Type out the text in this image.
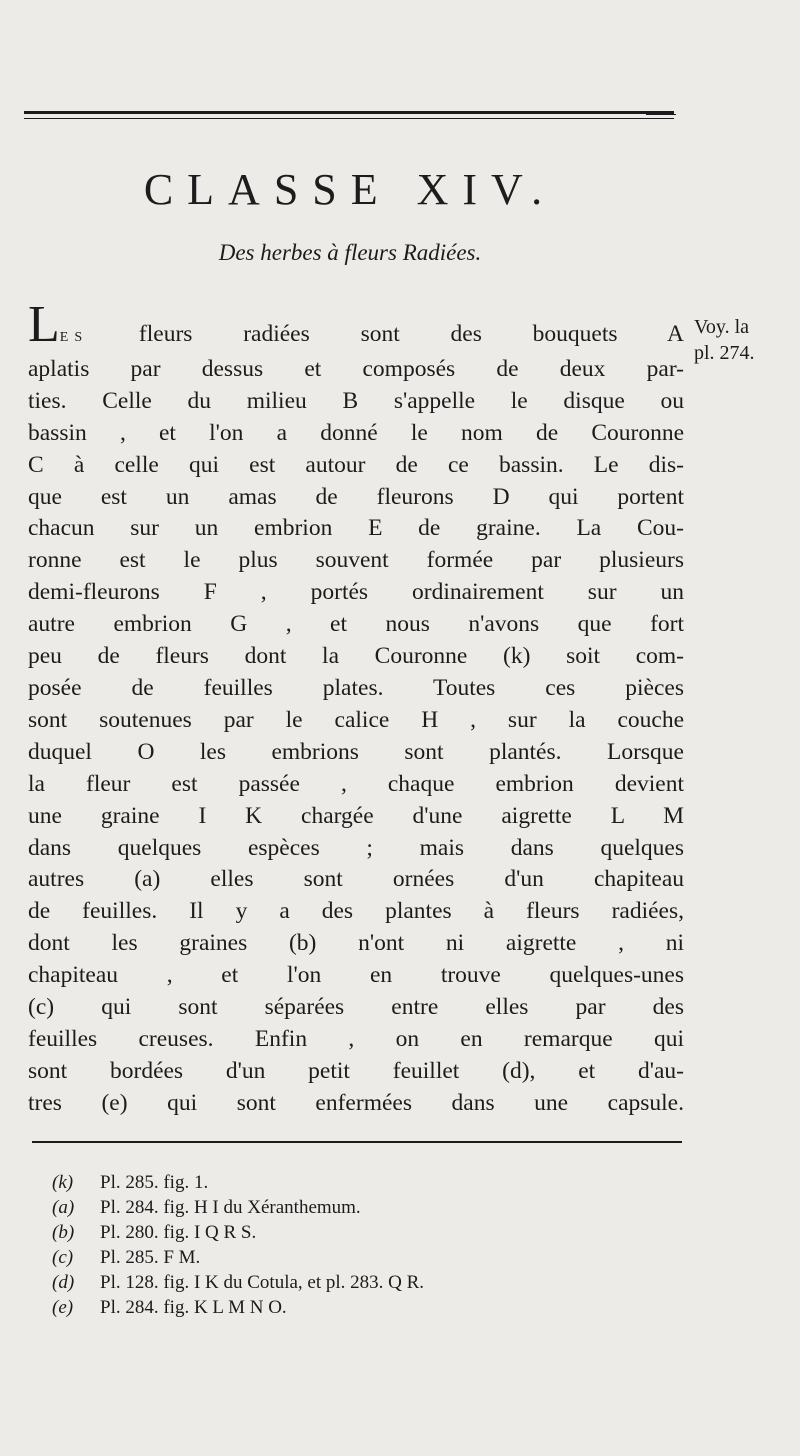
CLASSE XIV.
Des herbes à fleurs Radiées.
Voy. la
pl. 274.
LES fleurs radiées sont des bouquets A
aplatis par dessus et composés de deux par-
ties. Celle du milieu B s'appelle le disque ou
bassin , et l'on a donné le nom de Couronne
C à celle qui est autour de ce bassin. Le dis-
que est un amas de fleurons D qui portent
chacun sur un embrion E de graine. La Cou-
ronne est le plus souvent formée par plusieurs
demi-fleurons F , portés ordinairement sur un
autre embrion G , et nous n'avons que fort
peu de fleurs dont la Couronne (k) soit com-
posée de feuilles plates. Toutes ces pièces
sont soutenues par le calice H , sur la couche
duquel O les embrions sont plantés. Lorsque
la fleur est passée , chaque embrion devient
une graine I K chargée d'une aigrette L M
dans quelques espèces ; mais dans quelques
autres (a) elles sont ornées d'un chapiteau
de feuilles. Il y a des plantes à fleurs radiées,
dont les graines (b) n'ont ni aigrette , ni
chapiteau , et l'on en trouve quelques-unes
(c) qui sont séparées entre elles par des
feuilles creuses. Enfin , on en remarque qui
sont bordées d'un petit feuillet (d), et d'au-
tres (e) qui sont enfermées dans une capsule.
(k) Pl. 285. fig. 1.
(a) Pl. 284. fig. H I du Xéranthemum.
(b) Pl. 280. fig. I Q R S.
(c) Pl. 285. F M.
(d) Pl. 128. fig. I K du Cotula, et pl. 283. Q R.
(e) Pl. 284. fig. K L M N O.
